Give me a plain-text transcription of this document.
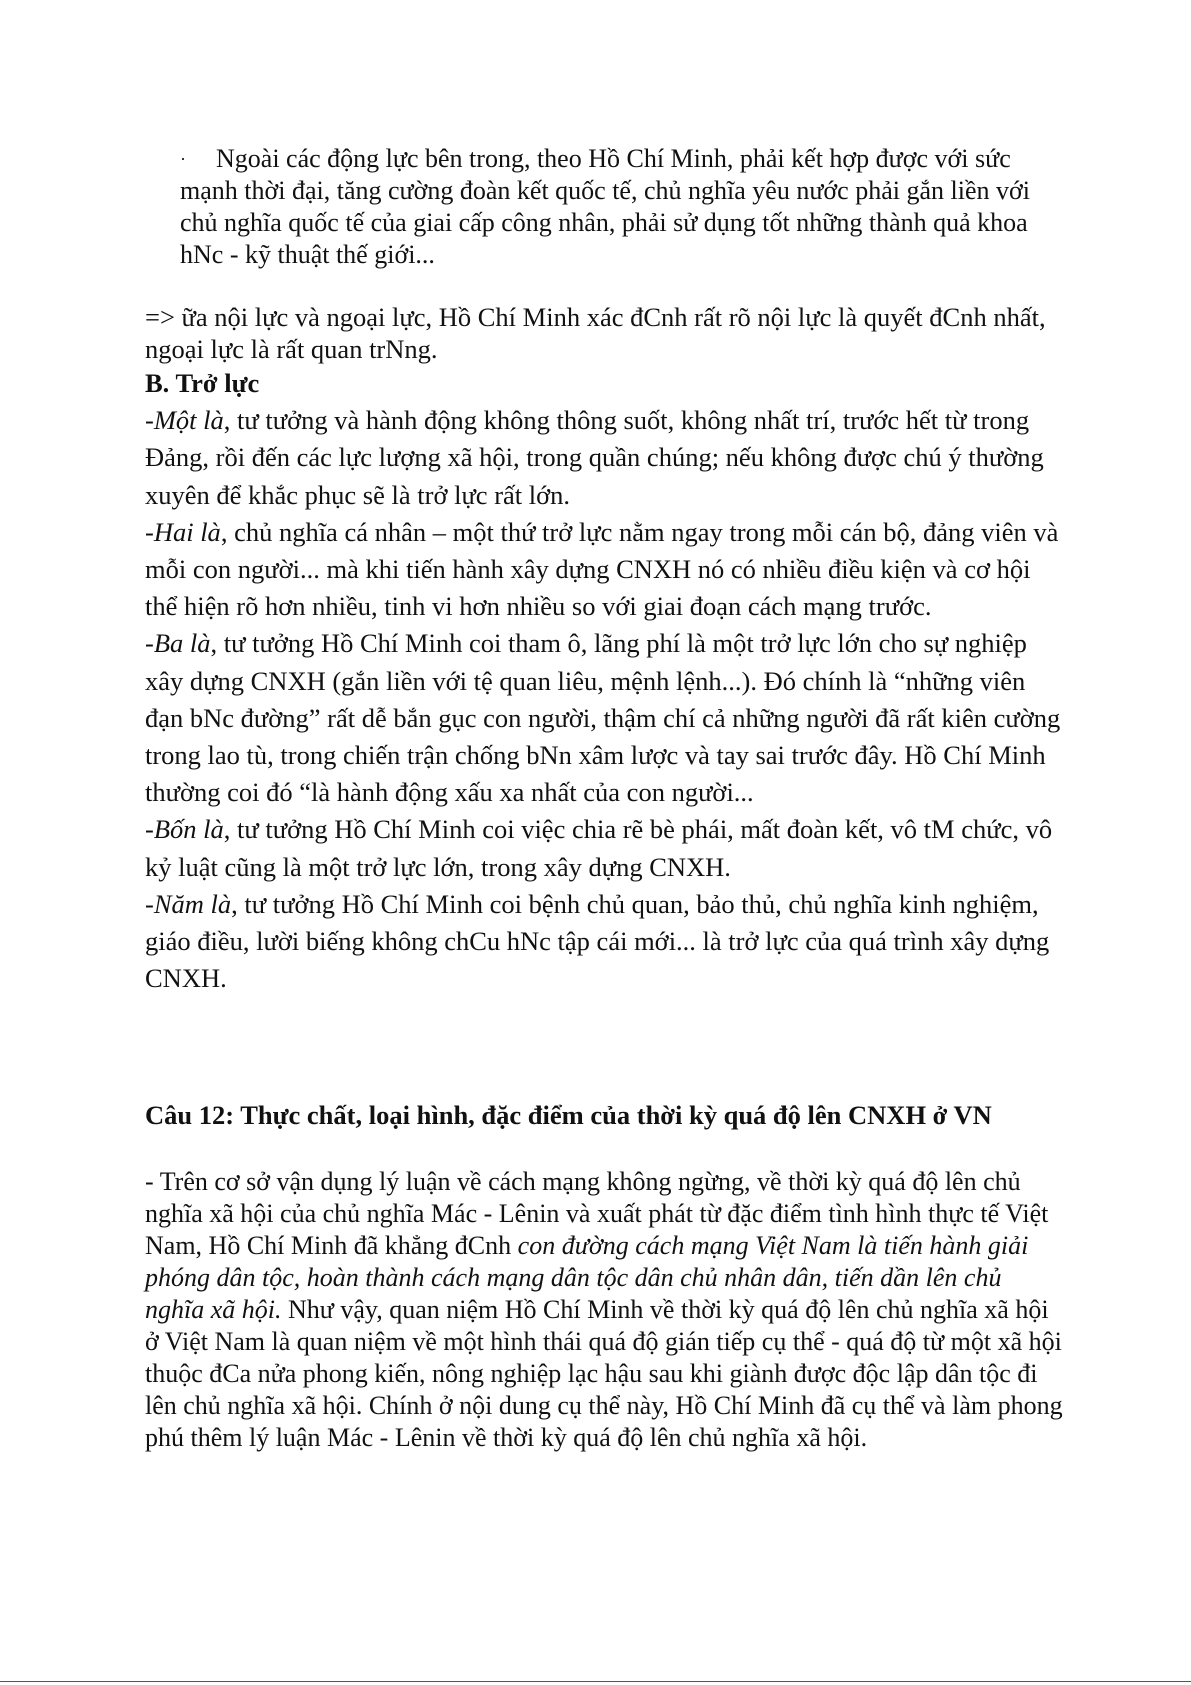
· Ngoài các động lực bên trong, theo Hồ Chí Minh, phải kết hợp được với sức mạnh thời đại, tăng cường đoàn kết quốc tế, chủ nghĩa yêu nước phải gắn liền với chủ nghĩa quốc tế của giai cấp công nhân, phải sử dụng tốt những thành quả khoa hNc - kỹ thuật thế giới...
=> ữa nội lực và ngoại lực, Hồ Chí Minh xác đCnh rất rõ nội lực là quyết đCnh nhất, ngoại lực là rất quan trNng.

B. Trở lực

-Một là, tư tưởng và hành động không thông suốt, không nhất trí, trước hết từ trong Đảng, rồi đến các lực lượng xã hội, trong quần chúng; nếu không được chú ý thường xuyên để khắc phục sẽ là trở lực rất lớn.

-Hai là, chủ nghĩa cá nhân – một thứ trở lực nằm ngay trong mỗi cán bộ, đảng viên và mỗi con người... mà khi tiến hành xây dựng CNXH nó có nhiều điều kiện và cơ hội thể hiện rõ hơn nhiều, tinh vi hơn nhiều so với giai đoạn cách mạng trước.

-Ba là, tư tưởng Hồ Chí Minh coi tham ô, lãng phí là một trở lực lớn cho sự nghiệp xây dựng CNXH (gắn liền với tệ quan liêu, mệnh lệnh...). Đó chính là “những viên đạn bNc đường” rất dễ bắn gục con người, thậm chí cả những người đã rất kiên cường trong lao tù, trong chiến trận chống bNn xâm lược và tay sai trước đây. Hồ Chí Minh thường coi đó “là hành động xấu xa nhất của con người...

-Bốn là, tư tưởng Hồ Chí Minh coi việc chia rẽ bè phái, mất đoàn kết, vô tM chức, vô kỷ luật cũng là một trở lực lớn, trong xây dựng CNXH.

-Năm là, tư tưởng Hồ Chí Minh coi bệnh chủ quan, bảo thủ, chủ nghĩa kinh nghiệm, giáo điều, lười biếng không chCu hNc tập cái mới... là trở lực của quá trình xây dựng CNXH.

Câu 12: Thực chất, loại hình, đặc điểm của thời kỳ quá độ lên CNXH ở VN
- Trên cơ sở vận dụng lý luận về cách mạng không ngừng, về thời kỳ quá độ lên chủ nghĩa xã hội của chủ nghĩa Mác - Lênin và xuất phát từ đặc điểm tình hình thực tế Việt Nam, Hồ Chí Minh đã khẳng đCnh con đường cách mạng Việt Nam là tiến hành giải phóng dân tộc, hoàn thành cách mạng dân tộc dân chủ nhân dân, tiến dần lên chủ nghĩa xã hội. Như vậy, quan niệm Hồ Chí Minh về thời kỳ quá độ lên chủ nghĩa xã hội ở Việt Nam là quan niệm về một hình thái quá độ gián tiếp cụ thể - quá độ từ một xã hội thuộc đCa nửa phong kiến, nông nghiệp lạc hậu sau khi giành được độc lập dân tộc đi lên chủ nghĩa xã hội. Chính ở nội dung cụ thể này, Hồ Chí Minh đã cụ thể và làm phong phú thêm lý luận Mác - Lênin về thời kỳ quá độ lên chủ nghĩa xã hội.
